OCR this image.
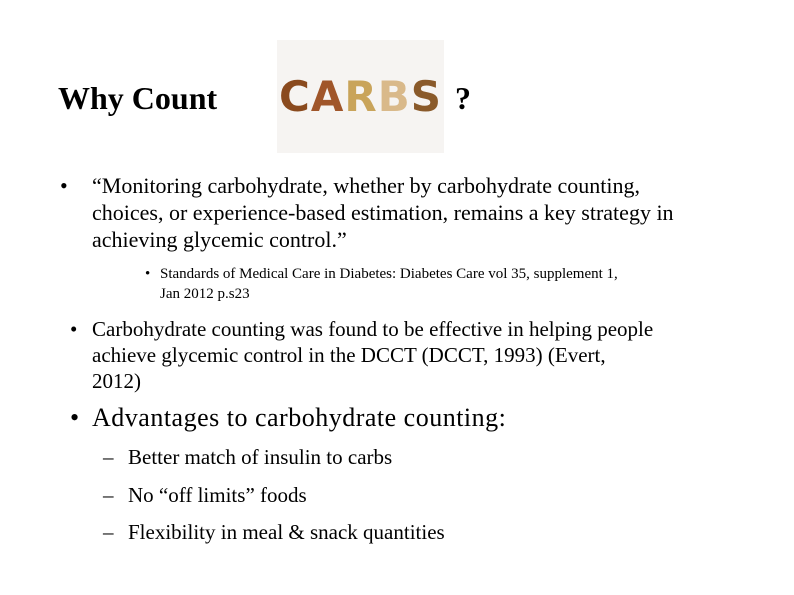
Why Count C A R B S ?
• “Monitoring carbohydrate, whether by carbohydrate counting,
choices, or experience-based estimation, remains a key strategy in
achieving glycemic control.”
• Standards of Medical Care in Diabetes: Diabetes Care vol 35, supplement 1,
Jan 2012 p.s23
• Carbohydrate counting was found to be effective in helping people
achieve glycemic control in the DCCT (DCCT, 1993) (Evert,
2012)
• Advantages to carbohydrate counting:
– Better match of insulin to carbs
– No “off limits” foods
– Flexibility in meal & snack quantities
